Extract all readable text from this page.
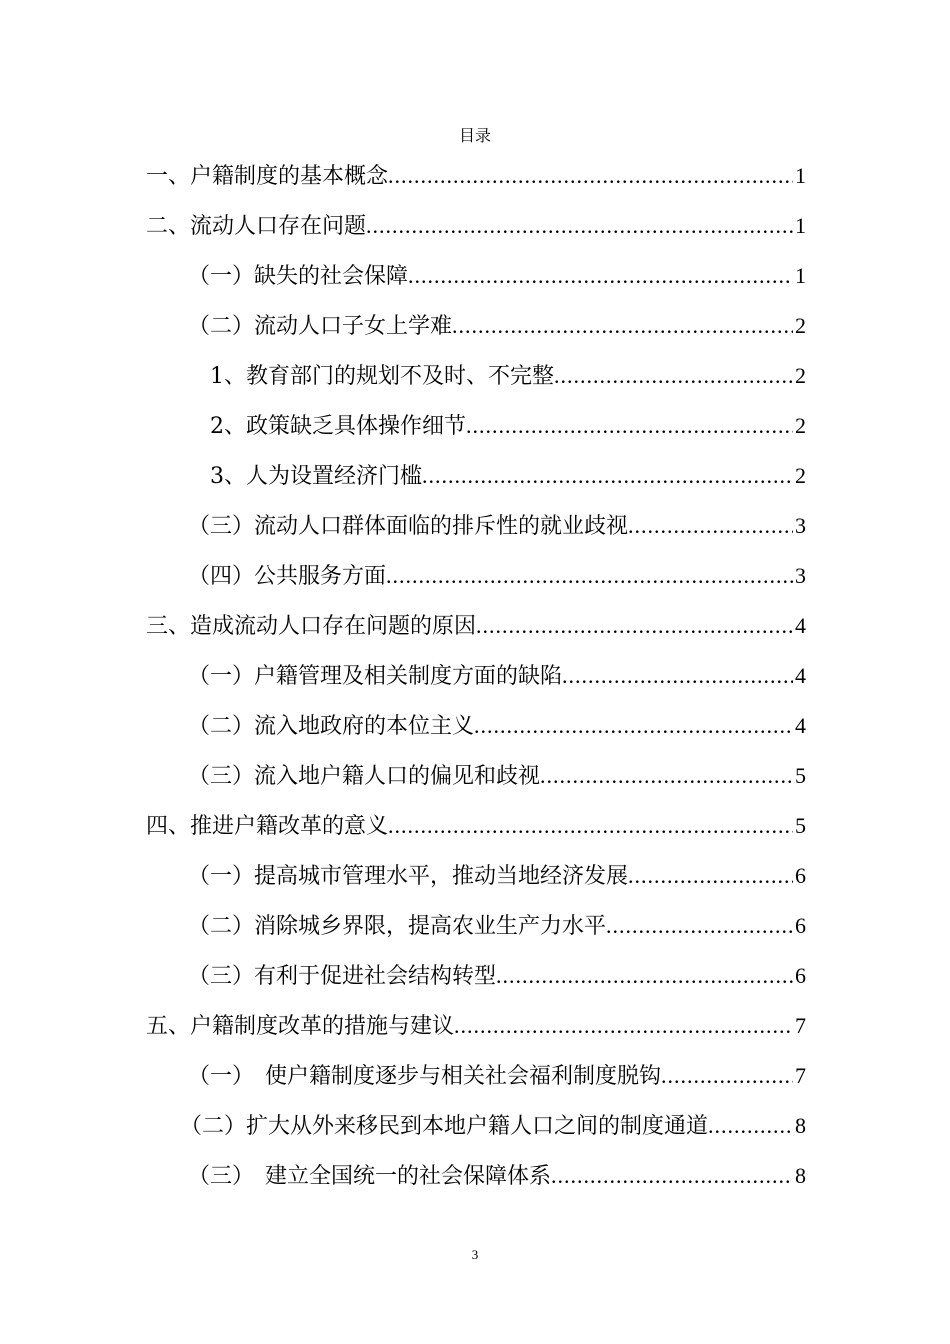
目录
一、户籍制度的基本概念 .....	1
二、流动人口存在问题 .....	1
（一）缺失的社会保障 .....	1
（二）流动人口子女上学难 .....	2
1、教育部门的规划不及时、不完整 .....	2
2、政策缺乏具体操作细节 .....	2
3、人为设置经济门槛 .....	2
（三）流动人口群体面临的排斥性的就业歧视 .....	3
（四）公共服务方面 .....	3
三、造成流动人口存在问题的原因 .....	4
（一）户籍管理及相关制度方面的缺陷 .....	4
（二）流入地政府的本位主义 .....	4
（三）流入地户籍人口的偏见和歧视 .....	5
四、推进户籍改革的意义 .....	5
（一）提高城市管理水平，推动当地经济发展 .....	6
（二）消除城乡界限，提高农业生产力水平 .....	6
（三）有利于促进社会结构转型 .....	6
五、户籍制度改革的措施与建议 .....	7
（一）　使户籍制度逐步与相关社会福利制度脱钩 .....	7
（二）扩大从外来移民到本地户籍人口之间的制度通道 .....	8
（三）　建立全国统一的社会保障体系 .....	8
3
